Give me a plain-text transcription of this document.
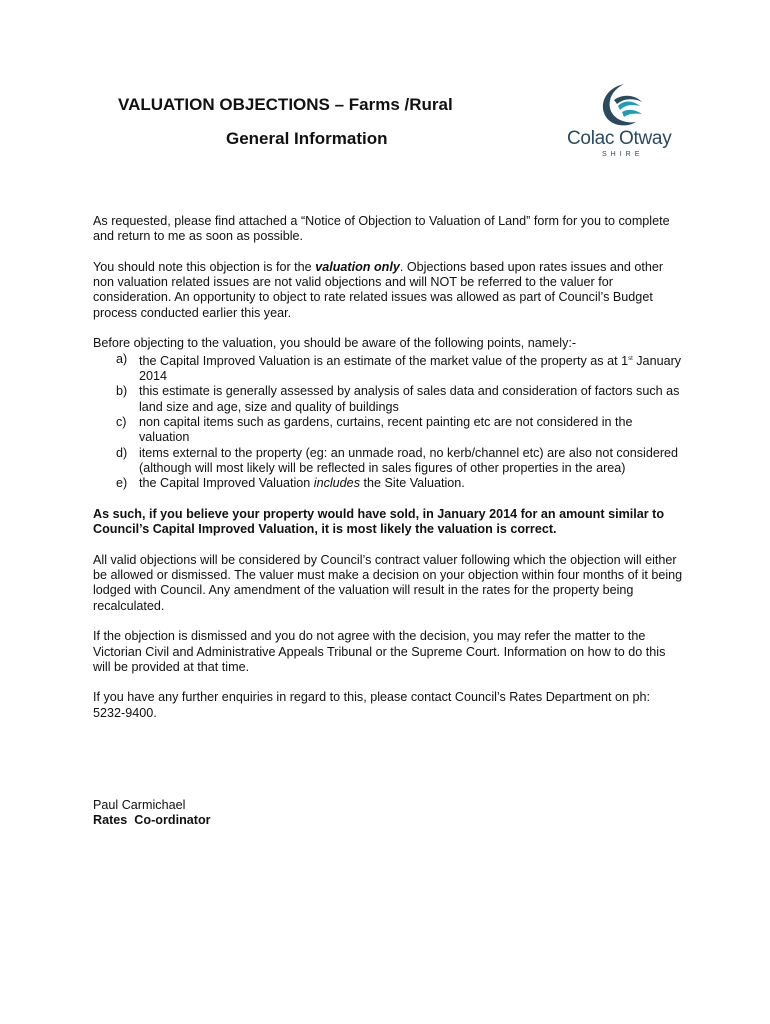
VALUATION OBJECTIONS – Farms /Rural
General Information	Colac Otway
SHIRE

As requested, please find attached a “Notice of Objection to Valuation of Land” form for you to complete and return to me as soon as possible.

You should note this objection is for the valuation only. Objections based upon rates issues and other non valuation related issues are not valid objections and will NOT be referred to the valuer for consideration. An opportunity to object to rate related issues was allowed as part of Council’s Budget process conducted earlier this year.

Before objecting to the valuation, you should be aware of the following points, namely:-

a) the Capital Improved Valuation is an estimate of the market value of the property as at 1st January 2014
b) this estimate is generally assessed by analysis of sales data and consideration of factors such as land size and age, size and quality of buildings
c) non capital items such as gardens, curtains, recent painting etc are not considered in the valuation
d) items external to the property (eg: an unmade road, no kerb/channel etc) are also not considered (although will most likely will be reflected in sales figures of other properties in the area)
e) the Capital Improved Valuation includes the Site Valuation.

As such, if you believe your property would have sold, in January 2014 for an amount similar to Council’s Capital Improved Valuation, it is most likely the valuation is correct.

All valid objections will be considered by Council’s contract valuer following which the objection will either be allowed or dismissed. The valuer must make a decision on your objection within four months of it being lodged with Council. Any amendment of the valuation will result in the rates for the property being recalculated.

If the objection is dismissed and you do not agree with the decision, you may refer the matter to the Victorian Civil and Administrative Appeals Tribunal or the Supreme Court. Information on how to do this will be provided at that time.

If you have any further enquiries in regard to this, please contact Council’s Rates Department on ph: 5232-9400.

Paul Carmichael
Rates  Co-ordinator
